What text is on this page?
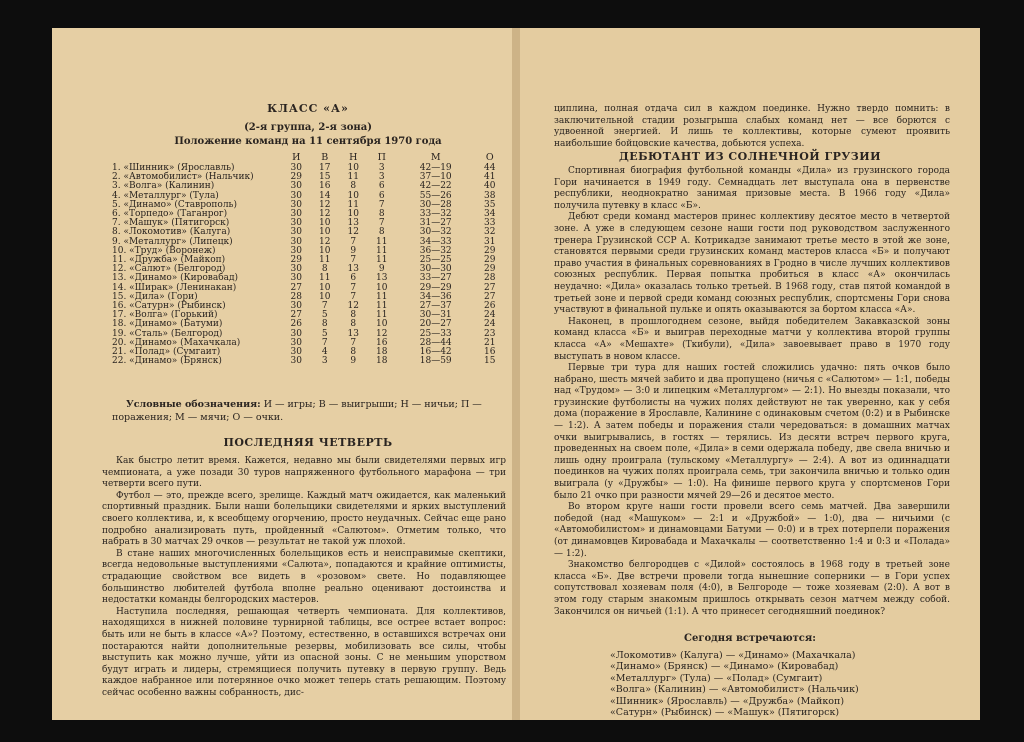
КЛАСС «А»
(2-я группа, 2-я зона)
Положение команд на 11 сентября 1970 года
	И	В	Н	П	М	О
1. «Шинник» (Ярославль)	30	17	10	3	42—19	44
2. «Автомобилист» (Нальчик)	29	15	11	3	37—10	41
3. «Волга» (Калинин)	30	16	8	6	42—22	40
4. «Металлург» (Тула)	30	14	10	6	55—26	38
5. «Динамо» (Ставрополь)	30	12	11	7	30—28	35
6. «Торпедо» (Таганрог)	30	12	10	8	33—32	34
7. «Машук» (Пятигорск)	30	10	13	7	31—27	33
8. «Локомотив» (Калуга)	30	10	12	8	30—32	32
9. «Металлург» (Липецк)	30	12	7	11	34—33	31
10. «Труд» (Воронеж)	30	10	9	11	36—32	29
11. «Дружба» (Майкоп)	29	11	7	11	25—25	29
12. «Салют» (Белгород)	30	8	13	9	30—30	29
13. «Динамо» (Кировабад)	30	11	6	13	33—27	28
14. «Ширак» (Ленинакан)	27	10	7	10	29—29	27
15. «Дила» (Гори)	28	10	7	11	34—36	27
16. «Сатурн» (Рыбинск)	30	7	12	11	27—37	26
17. «Волга» (Горький)	27	5	8	11	30—31	24
18. «Динамо» (Батуми)	26	8	8	10	20—27	24
19. «Сталь» (Белгород)	30	5	13	12	25—33	23
20. «Динамо» (Махачкала)	30	7	7	16	28—44	21
21. «Полад» (Сумгаит)	30	4	8	18	16—42	16
22. «Динамо» (Брянск)	30	3	9	18	18—59	15
Условные обозначения: И — игры; В — выигрыши; Н — ничьи; П — поражения; М — мячи; О — очки.
ПОСЛЕДНЯЯ ЧЕТВЕРТЬ

Как быстро летит время. Кажется, недавно мы были свидетелями первых игр чемпионата, а уже позади 30 туров напряженного футбольного марафона — три четверти всего пути.

Футбол — это, прежде всего, зрелище. Каждый матч ожидается, как маленький спортивный праздник. Были наши болельщики свидетелями и ярких выступлений своего коллектива, и, к всеобщему огорчению, просто неудачных. Сейчас еще рано подробно анализировать путь, пройденный «Салютом». Отметим только, что набрать в 30 матчах 29 очков — результат не такой уж плохой.

В стане наших многочисленных болельщиков есть и неисправимые скептики, всегда недовольные выступлениями «Салюта», попадаются и крайние оптимисты, страдающие свойством все видеть в «розовом» свете. Но подавляющее большинство любителей футбола вполне реально оценивают достоинства и недостатки команды белгородских мастеров.

Наступила последняя, решающая четверть чемпионата. Для коллективов, находящихся в нижней половине турнирной таблицы, все острее встает вопрос: быть или не быть в классе «А»? Поэтому, естественно, в оставшихся встречах они постараются найти дополнительные резервы, мобилизовать все силы, чтобы выступить как можно лучше, уйти из опасной зоны. С не меньшим упорством будут играть и лидеры, стремящиеся получить путевку в первую группу. Ведь каждое набранное или потерянное очко может теперь стать решающим. Поэтому сейчас особенно важны собранность, дис-

циплина, полная отдача сил в каждом поединке. Нужно твердо помнить: в заключительной стадии розыгрыша слабых команд нет — все борются с удвоенной энергией. И лишь те коллективы, которые сумеют проявить наибольшие бойцовские качества, добьются успеха.

ДЕБЮТАНТ ИЗ СОЛНЕЧНОЙ ГРУЗИИ

Спортивная биография футбольной команды «Дила» из грузинского города Гори начинается в 1949 году. Семнадцать лет выступала она в первенстве республики, неоднократно занимая призовые места. В 1966 году «Дила» получила путевку в класс «Б».

Дебют среди команд мастеров принес коллективу десятое место в четвертой зоне. А уже в следующем сезоне наши гости под руководством заслуженного тренера Грузинской ССР А. Котрикадзе занимают третье место в этой же зоне, становятся первыми среди грузинских команд мастеров класса «Б» и получают право участия в финальных соревнованиях в Гродно в числе лучших коллективов союзных республик. Первая попытка пробиться в класс «А» окончилась неудачно: «Дила» оказалась только третьей. В 1968 году, став пятой командой в третьей зоне и первой среди команд союзных республик, спортсмены Гори снова участвуют в финальной пульке и опять оказываются за бортом класса «А».

Наконец, в прошлогоднем сезоне, выйдя победителем Закавказской зоны команд класса «Б» и выиграв переходные матчи у коллектива второй группы класса «А» «Мешахте» (Ткибули), «Дила» завоевывает право в 1970 году выступать в новом классе.

Первые три тура для наших гостей сложились удачно: пять очков было набрано, шесть мячей забито и два пропущено (ничья с «Салютом» — 1:1, победы над «Трудом» — 3:0 и липецким «Металлургом» — 2:1). Но выезды показали, что грузинские футболисты на чужих полях действуют не так уверенно, как у себя дома (поражение в Ярославле, Калинине с одинаковым счетом (0:2) и в Рыбинске — 1:2). А затем победы и поражения стали чередоваться: в домашних матчах очки выигрывались, в гостях — терялись. Из десяти встреч первого круга, проведенных на своем поле, «Дила» в семи одержала победу, две свела вничью и лишь одну проиграла (тульскому «Металлургу» — 2:4). А вот из одиннадцати поединков на чужих полях проиграла семь, три закончила вничью и только один выиграла (у «Дружбы» — 1:0). На финише первого круга у спортсменов Гори было 21 очко при разности мячей 29—26 и десятое место.

Во втором круге наши гости провели всего семь матчей. Два завершили победой (над «Машуком» — 2:1 и «Дружбой» — 1:0), два — ничьими (с «Автомобилистом» и динамовцами Батуми — 0:0) и в трех потерпели поражения (от динамовцев Кировабада и Махачкалы — соответственно 1:4 и 0:3 и «Полада» — 1:2).

Знакомство белгородцев с «Дилой» состоялось в 1968 году в третьей зоне класса «Б». Две встречи провели тогда нынешние соперники — в Гори успех сопутствовал хозяевам поля (4:0), в Белгороде — тоже хозяевам (2:0). А вот в этом году старым знакомым пришлось открывать сезон матчем между собой. Закончился он ничьей (1:1). А что принесет сегодняшний поединок?

Сегодня встречаются:
«Локомотив» (Калуга) — «Динамо» (Махачкала)
«Динамо» (Брянск) — «Динамо» (Кировабад)
«Металлург» (Тула) — «Полад» (Сумгаит)
«Волга» (Калинин) — «Автомобилист» (Нальчик)
«Шинник» (Ярославль) — «Дружба» (Майкоп)
«Сатурн» (Рыбинск) — «Машук» (Пятигорск)
